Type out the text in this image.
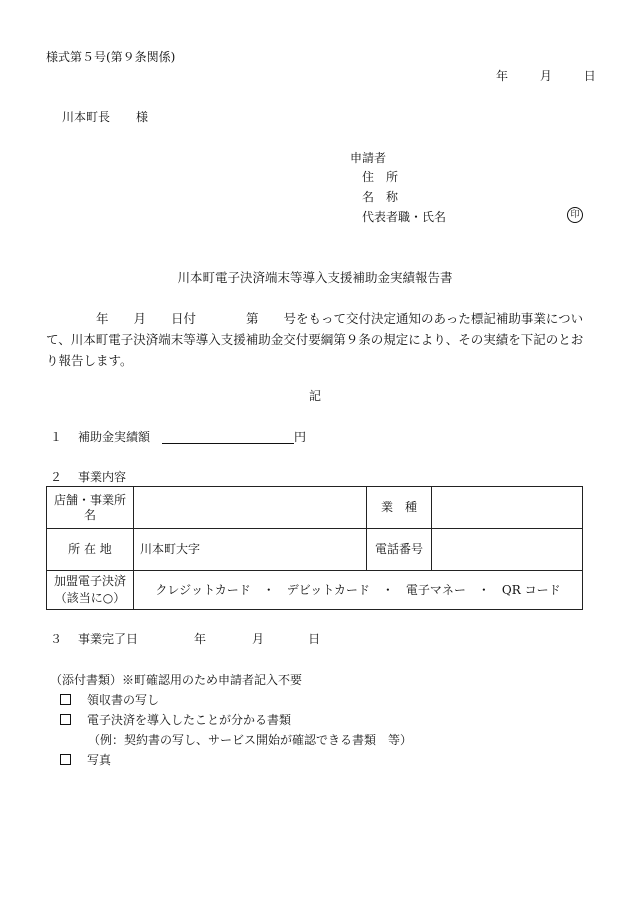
様式第５号(第９条関係)
年	月	日
川本町長 様
申請者
住　所
名　称
代表者職・氏名	印
川本町電子決済端末等導入支援補助金実績報告書
年　　月　　日付　　　　第　　号をもって交付決定通知のあった標記補助事業について、川本町電子決済端末等導入支援補助金交付要綱第９条の規定により、その実績を下記のとおり報告します。
記
１ 補助金実績額	円
２ 事業内容
店舗・事業所名		業　種	
所 在 地	川本町大字	電話番号	

加盟電子決済
（該当に○）	クレジットカード　・　デビットカード　・　電子マネー　・　QR コード		
３ 事業完了日	年	月	日
（添付書類）※町確認用のため申請者記入不要
領収書の写し
電子決済を導入したことが分かる書類
（例：契約書の写し、サービス開始が確認できる書類　等）
写真
